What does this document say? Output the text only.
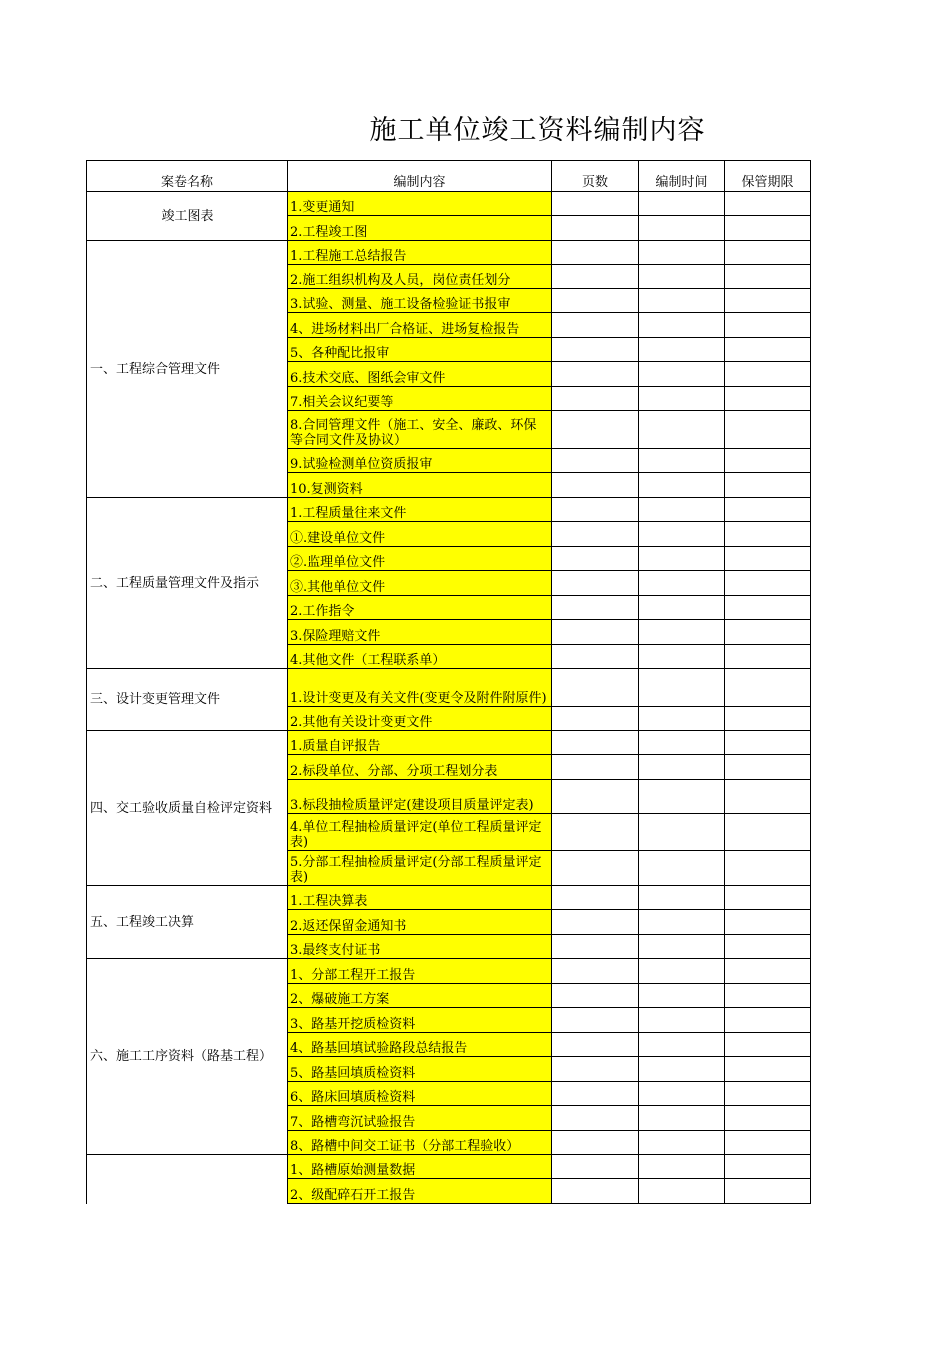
施工单位竣工资料编制内容
案卷名称	编制内容	页数	编制时间	保管期限
竣工图表	1.变更通知			

	2.工程竣工图			

一、工程综合管理文件	1.工程施工总结报告			

	2.施工组织机构及人员，岗位责任划分			

	3.试验、测量、施工设备检验证书报审			

	4、进场材料出厂合格证、进场复检报告			

	5、各种配比报审			

	6.技术交底、图纸会审文件			

	7.相关会议纪要等			

	8.合同管理文件（施工、安全、廉政、环保等合同文件及协议）			

	9.试验检测单位资质报审			

	10.复测资料			

二、工程质量管理文件及指示	1.工程质量往来文件			

	①.建设单位文件			

	②.监理单位文件			

	③.其他单位文件			

	2.工作指令			

	3.保险理赔文件			

	4.其他文件（工程联系单）			

三、设计变更管理文件	1.设计变更及有关文件(变更令及附件附原件)			

	2.其他有关设计变更文件			

四、交工验收质量自检评定资料	1.质量自评报告			

	2.标段单位、分部、分项工程划分表			

	3.标段抽检质量评定(建设项目质量评定表)			

	4.单位工程抽检质量评定(单位工程质量评定表)			

	5.分部工程抽检质量评定(分部工程质量评定表)			

五、工程竣工决算	1.工程决算表			

	2.返还保留金通知书			

	3.最终支付证书			

六、施工工序资料（路基工程）	1、分部工程开工报告			

	2、爆破施工方案			

	3、路基开挖质检资料			

	4、路基回填试验路段总结报告			

	5、路基回填质检资料			

	6、路床回填质检资料			

	7、路槽弯沉试验报告			

	8、路槽中间交工证书（分部工程验收）			

	1、路槽原始测量数据			

	2、级配碎石开工报告			
